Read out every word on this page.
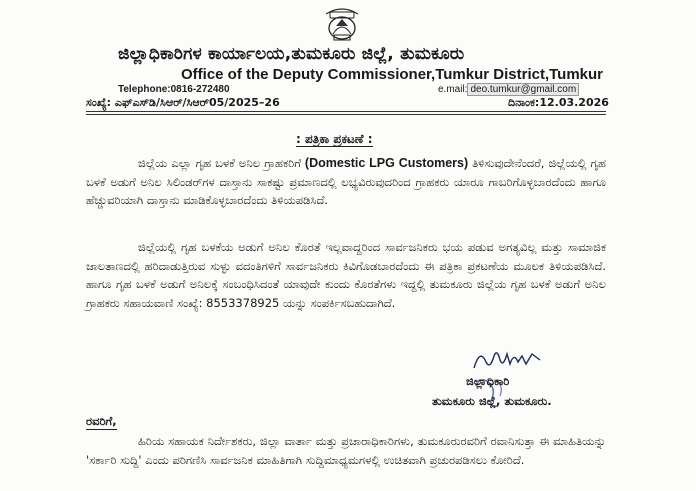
ಜಿಲ್ಲಾಧಿಕಾರಿಗಳ ಕಾರ್ಯಾಲಯ,ತುಮಕೂರು ಜಿಲ್ಲೆ, ತುಮಕೂರು
Office of the Deputy Commissioner,Tumkur District,Tumkur
Telephone:0816-272480	e.mail: deo.tumkur@gmail.com
ಸಂಖ್ಯೆ: ಎಫ್‌ಎಸ್‌ಡಿ/ಸಿಆರ್/ಸಿಆರ್05/2025–26	ದಿನಾಂಕ:12.03.2026
: ಪತ್ರಿಕಾ ಪ್ರಕಟಣೆ :
ಜಿಲ್ಲೆಯ ಎಲ್ಲಾ ಗೃಹ ಬಳಕೆ ಅನಿಲ ಗ್ರಾಹಕರಿಗೆ (Domestic LPG Customers) ತಿಳಿಸುವುದೇನೆಂದರೆ, ಜಿಲ್ಲೆಯಲ್ಲಿ ಗೃಹ ಬಳಕೆ ಅಡುಗೆ ಅನಿಲ ಸಿಲಿಂಡರ್‌ಗಳ ದಾಸ್ತಾನು ಸಾಕಷ್ಟು ಪ್ರಮಾಣದಲ್ಲಿ ಲಭ್ಯವಿರುವುದರಿಂದ ಗ್ರಾಹಕರು ಯಾರೂ ಗಾಬರಿಗೊಳ್ಳಬಾರದೆಂದು ಹಾಗೂ ಹೆಚ್ಚುವರಿಯಾಗಿ ದಾಸ್ತಾನು ಮಾಡಿಕೊಳ್ಳಬಾರದೆಂದು ತಿಳಿಯಪಡಿಸಿದೆ.
ಜಿಲ್ಲೆಯಲ್ಲಿ ಗೃಹ ಬಳಕೆಯ ಅಡುಗೆ ಅನಿಲ ಕೊರತೆ ಇಲ್ಲವಾದ್ದರಿಂದ ಸಾರ್ವಜನಿಕರು ಭಯ ಪಡುವ ಅಗತ್ಯವಿಲ್ಲ ಮತ್ತು ಸಾಮಾಜಿಕ ಜಾಲತಾಣದಲ್ಲಿ ಹರಿದಾಡುತ್ತಿರುವ ಸುಳ್ಳು ವದಂತಿಗಳಿಗೆ ಸಾರ್ವಜನಿಕರು ಕಿವಿಗೊಡಬಾರದೆಂದು ಈ ಪತ್ರಿಕಾ ಪ್ರಕಟಣೆಯ ಮೂಲಕ ತಿಳಿಯಪಡಿಸಿದೆ. ಹಾಗೂ ಗೃಹ ಬಳಕೆ ಅಡುಗೆ ಅನಿಲಕ್ಕೆ ಸಂಬಂಧಿಸಿದಂತೆ ಯಾವುದೇ ಕುಂದು ಕೊರತೆಗಳು ಇದ್ದಲ್ಲಿ ತುಮಕೂರು ಜಿಲ್ಲೆಯ ಗೃಹ ಬಳಕೆ ಅಡುಗೆ ಅನಿಲ ಗ್ರಾಹಕರು ಸಹಾಯವಾಣಿ ಸಂಖ್ಯೆ: 8553378925 ಯನ್ನು ಸಂಪರ್ಕಿಸಬಹುದಾಗಿದೆ.
ಜಿಲ್ಲಾಧಿಕಾರಿ
ತುಮಕೂರು ಜಿಲ್ಲೆ, ತುಮಕೂರು.
ರವರಿಗೆ,
ಹಿರಿಯ ಸಹಾಯಕ ನಿರ್ದೇಶಕರು, ಜಿಲ್ಲಾ ವಾರ್ತಾ ಮತ್ತು ಪ್ರಚಾರಾಧಿಕಾರಿಗಳು, ತುಮಕೂರುರವರಿಗೆ ರವಾನಿಸುತ್ತಾ ಈ ಮಾಹಿತಿಯನ್ನು 'ಸರ್ಕಾರಿ ಸುದ್ದಿ' ಎಂದು ಪರಿಗಣಿಸಿ ಸಾರ್ವಜನಿಕ ಮಾಹಿತಿಗಾಗಿ ಸುದ್ದಿಮಾಧ್ಯಮಗಳಲ್ಲಿ ಉಚಿತವಾಗಿ ಪ್ರಚುರಪಡಿಸಲು ಕೋರಿದೆ.
